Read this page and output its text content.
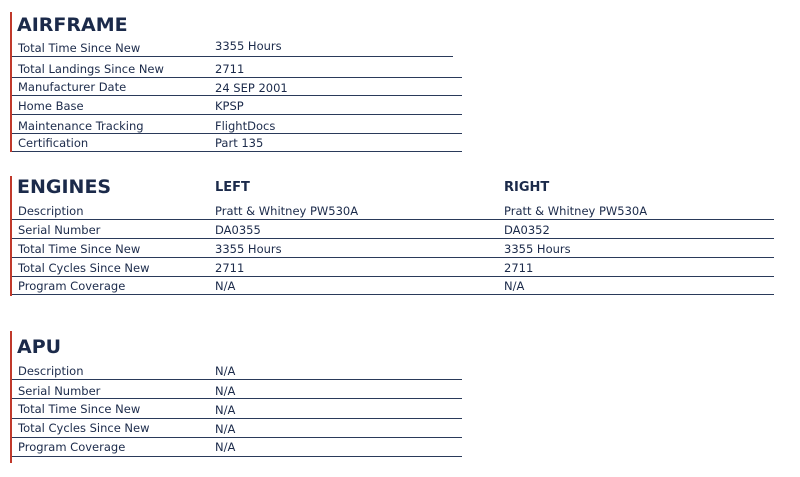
AIRFRAME
Total Time Since New	3355 Hours
Total Landings Since New	2711
Manufacturer Date	24 SEP 2001
Home Base	KPSP
Maintenance Tracking	FlightDocs
Certification	Part 135
ENGINES	LEFT	RIGHT
Description	Pratt & Whitney PW530A	Pratt & Whitney PW530A
Serial Number	DA0355	DA0352
Total Time Since New	3355 Hours	3355 Hours
Total Cycles Since New	2711	2711
Program Coverage	N/A	N/A
APU
Description	N/A
Serial Number	N/A
Total Time Since New	N/A
Total Cycles Since New	N/A
Program Coverage	N/A
